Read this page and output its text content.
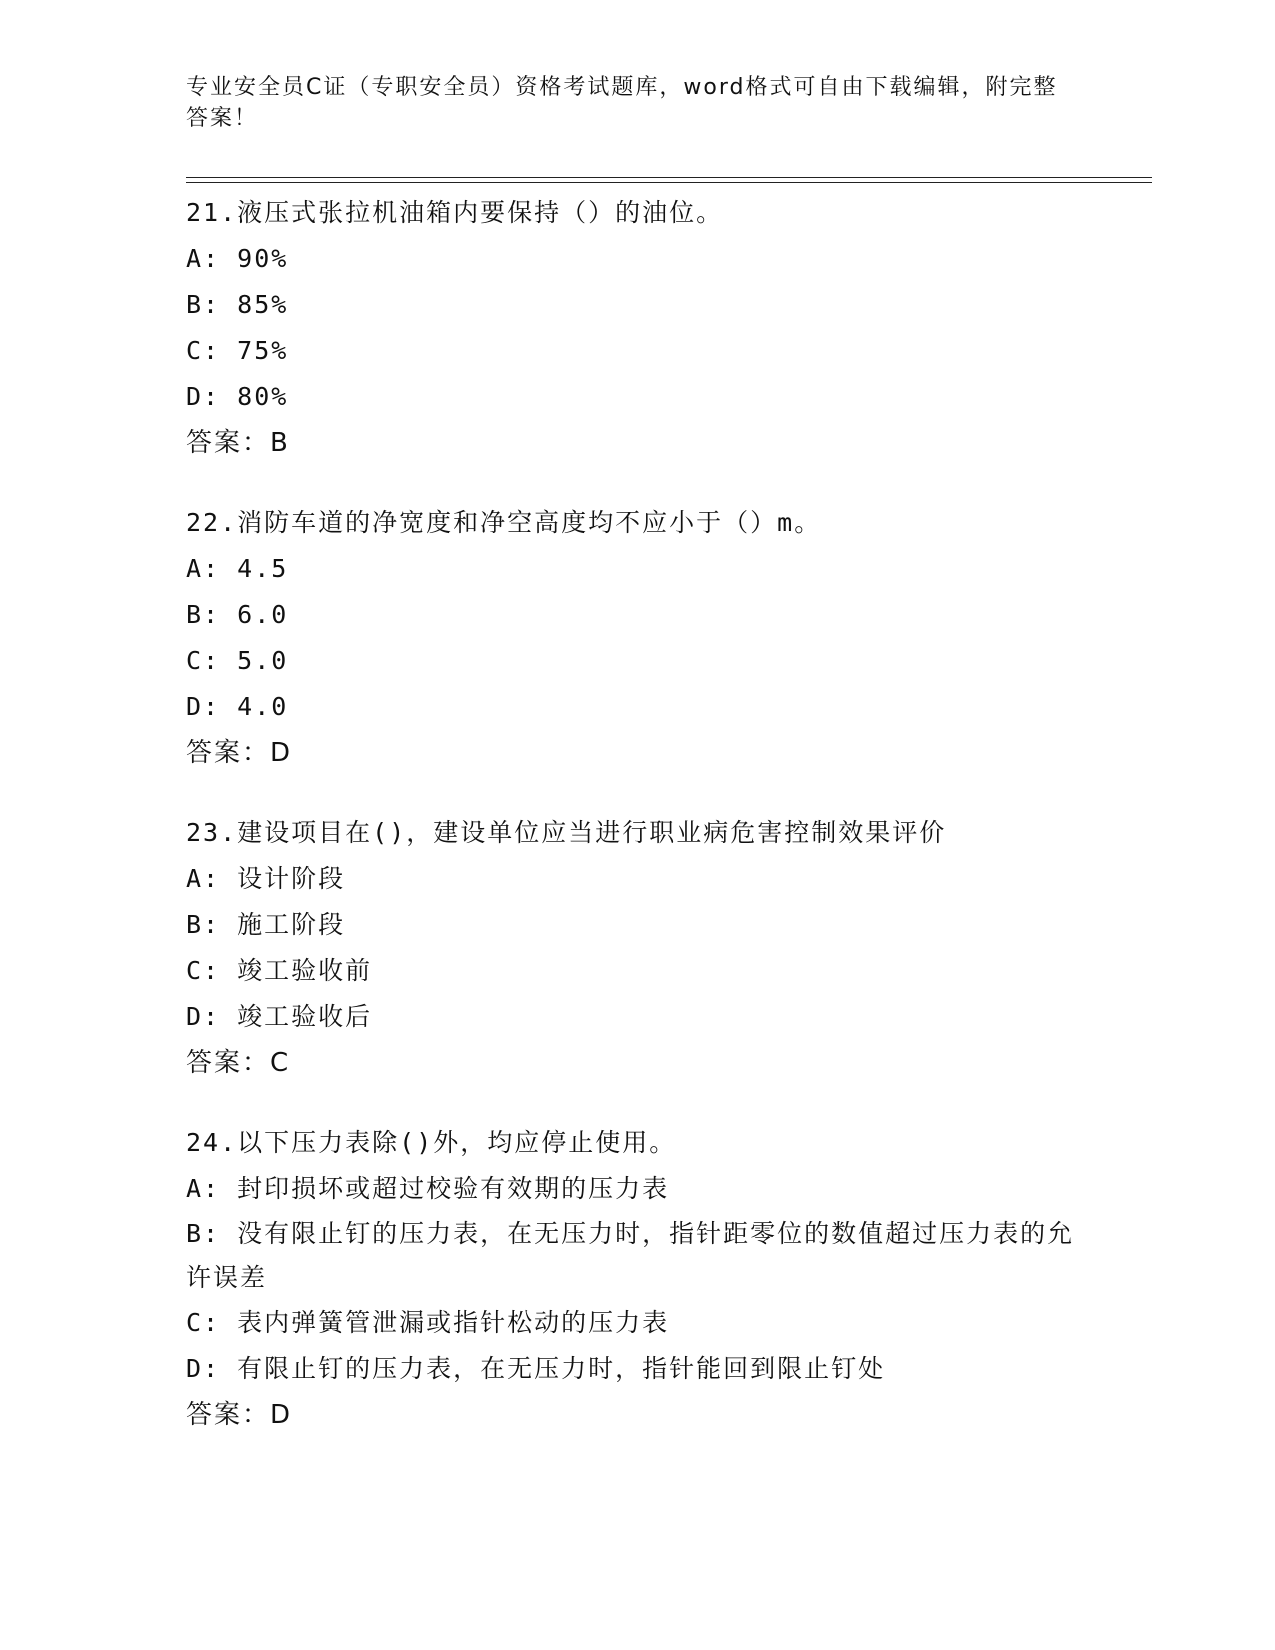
专业安全员C证（专职安全员）资格考试题库，word格式可自由下载编辑，附完整答案！
21.液压式张拉机油箱内要保持（）的油位。
A: 90%
B: 85%
C: 75%
D: 80%
答案：B
22.消防车道的净宽度和净空高度均不应小于（）m。
A: 4.5
B: 6.0
C: 5.0
D: 4.0
答案：D
23.建设项目在()，建设单位应当进行职业病危害控制效果评价
A: 设计阶段
B: 施工阶段
C: 竣工验收前
D: 竣工验收后
答案：C
24.以下压力表除()外，均应停止使用。
A: 封印损坏或超过校验有效期的压力表
B: 没有限止钉的压力表，在无压力时，指针距零位的数值超过压力表的允许误差
C: 表内弹簧管泄漏或指针松动的压力表
D: 有限止钉的压力表，在无压力时，指针能回到限止钉处
答案：D
